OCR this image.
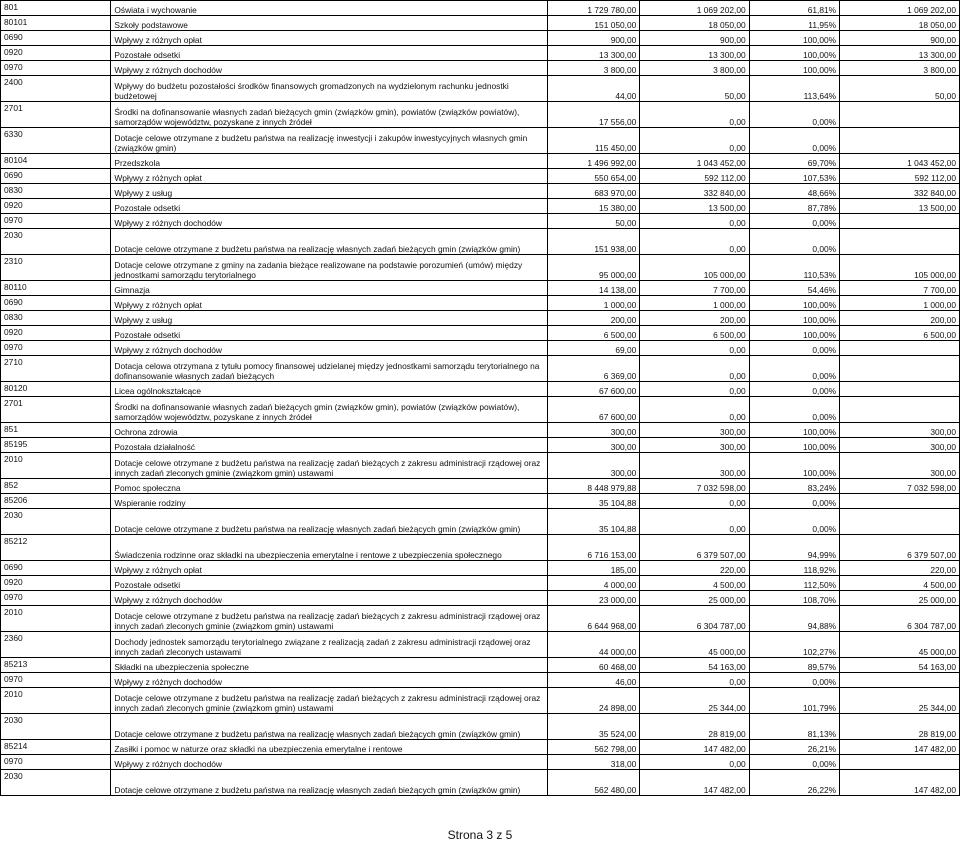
801	Oświata i wychowanie	1 729 780,00	1 069 202,00	61,81%	1 069 202,00
80101	Szkoły podstawowe	151 050,00	18 050,00	11,95%	18 050,00
0690	Wpływy z różnych opłat	900,00	900,00	100,00%	900,00
0920	Pozostałe odsetki	13 300,00	13 300,00	100,00%	13 300,00
0970	Wpływy z różnych dochodów	3 800,00	3 800,00	100,00%	3 800,00
2400	Wpływy do budżetu pozostałości środków finansowych gromadzonych na wydzielonym rachunku jednostki budżetowej	44,00	50,00	113,64%	50,00
2701	Środki na dofinansowanie własnych zadań bieżących gmin (związków gmin), powiatów (związków powiatów), samorządów województw, pozyskane z innych źródeł	17 556,00	0,00	0,00%	
6330	Dotacje celowe otrzymane z budżetu państwa na realizację inwestycji i zakupów inwestycyjnych własnych gmin (związków gmin)	115 450,00	0,00	0,00%	
80104	Przedszkola	1 496 992,00	1 043 452,00	69,70%	1 043 452,00
0690	Wpływy z różnych opłat	550 654,00	592 112,00	107,53%	592 112,00
0830	Wpływy z usług	683 970,00	332 840,00	48,66%	332 840,00
0920	Pozostałe odsetki	15 380,00	13 500,00	87,78%	13 500,00
0970	Wpływy z różnych dochodów	50,00	0,00	0,00%	
2030	Dotacje celowe otrzymane z budżetu państwa na realizację własnych zadań bieżących gmin (związków gmin)	151 938,00	0,00	0,00%	
2310	Dotacje celowe otrzymane z gminy na zadania bieżące realizowane na podstawie porozumień (umów) między jednostkami samorządu terytorialnego	95 000,00	105 000,00	110,53%	105 000,00
80110	Gimnazja	14 138,00	7 700,00	54,46%	7 700,00
0690	Wpływy z różnych opłat	1 000,00	1 000,00	100,00%	1 000,00
0830	Wpływy z usług	200,00	200,00	100,00%	200,00
0920	Pozostałe odsetki	6 500,00	6 500,00	100,00%	6 500,00
0970	Wpływy z różnych dochodów	69,00	0,00	0,00%	
2710	Dotacja celowa otrzymana z tytułu pomocy finansowej udzielanej między jednostkami samorządu terytorialnego na dofinansowanie własnych zadań bieżących	6 369,00	0,00	0,00%	
80120	Licea ogólnokształcące	67 600,00	0,00	0,00%	
2701	Środki na dofinansowanie własnych zadań bieżących gmin (związków gmin), powiatów (związków powiatów), samorządów województw, pozyskane z innych źródeł	67 600,00	0,00	0,00%	
851	Ochrona zdrowia	300,00	300,00	100,00%	300,00
85195	Pozostała działalność	300,00	300,00	100,00%	300,00
2010	Dotacje celowe otrzymane z budżetu państwa na realizację zadań bieżących z zakresu administracji rządowej oraz innych zadań zleconych gminie (związkom gmin) ustawami	300,00	300,00	100,00%	300,00
852	Pomoc społeczna	8 448 979,88	7 032 598,00	83,24%	7 032 598,00
85206	Wspieranie rodziny	35 104,88	0,00	0,00%	
2030	Dotacje celowe otrzymane z budżetu państwa na realizację własnych zadań bieżących gmin (związków gmin)	35 104,88	0,00	0,00%	
85212	Świadczenia rodzinne oraz składki na ubezpieczenia emerytalne i rentowe z ubezpieczenia społecznego	6 716 153,00	6 379 507,00	94,99%	6 379 507,00
0690	Wpływy z różnych opłat	185,00	220,00	118,92%	220,00
0920	Pozostałe odsetki	4 000,00	4 500,00	112,50%	4 500,00
0970	Wpływy z różnych dochodów	23 000,00	25 000,00	108,70%	25 000,00
2010	Dotacje celowe otrzymane z budżetu państwa na realizację zadań bieżących z zakresu administracji rządowej oraz innych zadań zleconych gminie (związkom gmin) ustawami	6 644 968,00	6 304 787,00	94,88%	6 304 787,00
2360	Dochody jednostek samorządu terytorialnego związane z realizacją zadań z zakresu administracji rządowej oraz innych zadań zleconych ustawami	44 000,00	45 000,00	102,27%	45 000,00
85213	Składki na ubezpieczenia społeczne	60 468,00	54 163,00	89,57%	54 163,00
0970	Wpływy z różnych dochodów	46,00	0,00	0,00%	
2010	Dotacje celowe otrzymane z budżetu państwa na realizację zadań bieżących z zakresu administracji rządowej oraz innych zadań zleconych gminie (związkom gmin) ustawami	24 898,00	25 344,00	101,79%	25 344,00
2030	Dotacje celowe otrzymane z budżetu państwa na realizację własnych zadań bieżących gmin (związków gmin)	35 524,00	28 819,00	81,13%	28 819,00
85214	Zasiłki i pomoc w naturze oraz składki na ubezpieczenia emerytalne i rentowe	562 798,00	147 482,00	26,21%	147 482,00
0970	Wpływy z różnych dochodów	318,00	0,00	0,00%	
2030	Dotacje celowe otrzymane z budżetu państwa na realizację własnych zadań bieżących gmin (związków gmin)	562 480,00	147 482,00	26,22%	147 482,00
Strona 3 z 5
